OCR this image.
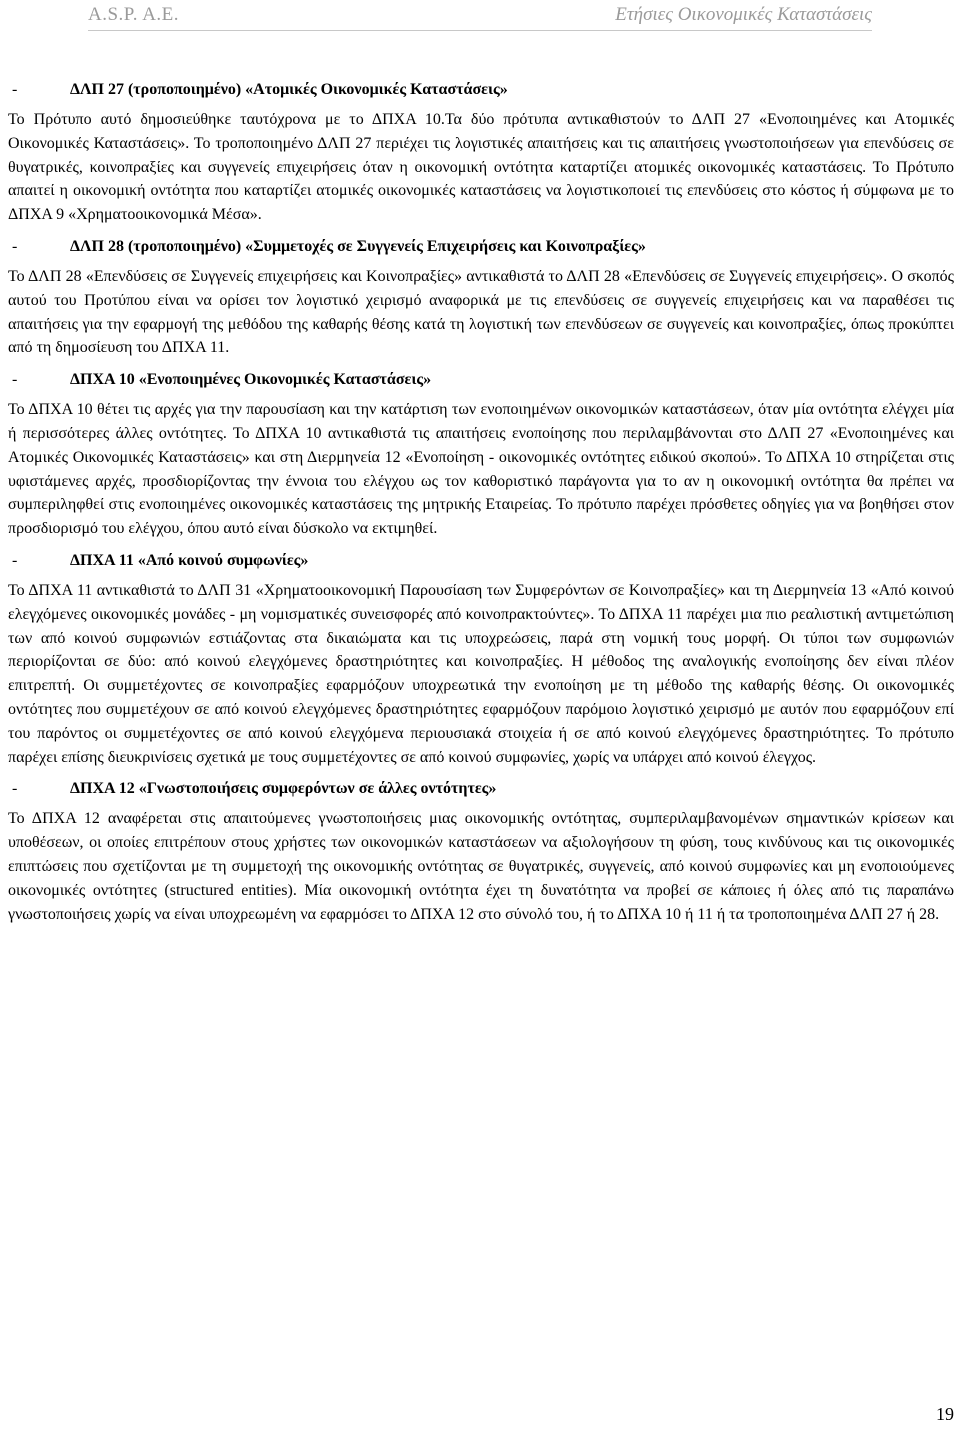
A.S.P. A.E.	Ετήσιες Οικονομικές Καταστάσεις
-	ΔΛΠ 27 (τροποποιημένο) «Ατομικές Οικονομικές Καταστάσεις»

Το Πρότυπο αυτό δημοσιεύθηκε ταυτόχρονα με το ΔΠΧΑ 10.Τα δύο πρότυπα αντικαθιστούν το ΔΛΠ 27 «Ενοποιημένες και Ατομικές Οικονομικές Καταστάσεις». Το τροποποιημένο ΔΛΠ 27 περιέχει τις λογιστικές απαιτήσεις και τις απαιτήσεις γνωστοποιήσεων για επενδύσεις σε θυγατρικές, κοινοπραξίες και συγγενείς επιχειρήσεις όταν η οικονομική οντότητα καταρτίζει ατομικές οικονομικές καταστάσεις. Το Πρότυπο απαιτεί η οικονομική οντότητα που καταρτίζει ατομικές οικονομικές καταστάσεις να λογιστικοποιεί τις επενδύσεις στο κόστος ή σύμφωνα με το ΔΠΧΑ 9 «Χρηματοοικονομικά Μέσα».

-	ΔΛΠ 28 (τροποποιημένο) «Συμμετοχές σε Συγγενείς Επιχειρήσεις και Κοινοπραξίες»

Το ΔΛΠ 28 «Επενδύσεις σε Συγγενείς επιχειρήσεις και Κοινοπραξίες» αντικαθιστά το ΔΛΠ 28 «Επενδύσεις σε Συγγενείς επιχειρήσεις». Ο σκοπός αυτού του Προτύπου είναι να ορίσει τον λογιστικό χειρισμό αναφορικά με τις επενδύσεις σε συγγενείς επιχειρήσεις και να παραθέσει τις απαιτήσεις για την εφαρμογή της μεθόδου της καθαρής θέσης κατά τη λογιστική των επενδύσεων σε συγγενείς και κοινοπραξίες, όπως προκύπτει από τη δημοσίευση του ΔΠΧΑ 11.

-	ΔΠΧΑ 10 «Ενοποιημένες Οικονομικές Καταστάσεις»

Το ΔΠΧΑ 10 θέτει τις αρχές για την παρουσίαση και την κατάρτιση των ενοποιημένων οικονομικών καταστάσεων, όταν μία οντότητα ελέγχει μία ή περισσότερες άλλες οντότητες. Το ΔΠΧΑ 10 αντικαθιστά τις απαιτήσεις ενοποίησης που περιλαμβάνονται στο ΔΛΠ 27 «Ενοποιημένες και Ατομικές Οικονομικές Καταστάσεις» και στη Διερμηνεία 12 «Ενοποίηση - οικονομικές οντότητες ειδικού σκοπού». Το ΔΠΧΑ 10 στηρίζεται στις υφιστάμενες αρχές, προσδιορίζοντας την έννοια του ελέγχου ως τον καθοριστικό παράγοντα για το αν η οικονομική οντότητα θα πρέπει να συμπεριληφθεί στις ενοποιημένες οικονομικές καταστάσεις της μητρικής Εταιρείας. Το πρότυπο παρέχει πρόσθετες οδηγίες για να βοηθήσει στον προσδιορισμό του ελέγχου, όπου αυτό είναι δύσκολο να εκτιμηθεί.

-	ΔΠΧΑ 11 «Από κοινού συμφωνίες»

Το ΔΠΧΑ 11 αντικαθιστά το ΔΛΠ 31 «Χρηματοοικονομική Παρουσίαση των Συμφερόντων σε Κοινοπραξίες» και τη Διερμηνεία 13 «Από κοινού ελεγχόμενες οικονομικές μονάδες - μη νομισματικές συνεισφορές από κοινοπρακτούντες». Το ΔΠΧΑ 11 παρέχει μια πιο ρεαλιστική αντιμετώπιση των από κοινού συμφωνιών εστιάζοντας στα δικαιώματα και τις υποχρεώσεις, παρά στη νομική τους μορφή. Οι τύποι των συμφωνιών περιορίζονται σε δύο: από κοινού ελεγχόμενες δραστηριότητες και κοινοπραξίες. Η μέθοδος της αναλογικής ενοποίησης δεν είναι πλέον επιτρεπτή. Οι συμμετέχοντες σε κοινοπραξίες εφαρμόζουν υποχρεωτικά την ενοποίηση με τη μέθοδο της καθαρής θέσης. Οι οικονομικές οντότητες που συμμετέχουν σε από κοινού ελεγχόμενες δραστηριότητες εφαρμόζουν παρόμοιο λογιστικό χειρισμό με αυτόν που εφαρμόζουν επί του παρόντος οι συμμετέχοντες σε από κοινού ελεγχόμενα περιουσιακά στοιχεία ή σε από κοινού ελεγχόμενες δραστηριότητες. Το πρότυπο παρέχει επίσης διευκρινίσεις σχετικά με τους συμμετέχοντες σε από κοινού συμφωνίες, χωρίς να υπάρχει από κοινού έλεγχος.

-	ΔΠΧΑ 12 «Γνωστοποιήσεις συμφερόντων σε άλλες οντότητες»

Το ΔΠΧΑ 12 αναφέρεται στις απαιτούμενες γνωστοποιήσεις μιας οικονομικής οντότητας, συμπεριλαμβανομένων σημαντικών κρίσεων και υποθέσεων, οι οποίες επιτρέπουν στους χρήστες των οικονομικών καταστάσεων να αξιολογήσουν τη φύση, τους κινδύνους και τις οικονομικές επιπτώσεις που σχετίζονται με τη συμμετοχή της οικονομικής οντότητας σε θυγατρικές, συγγενείς, από κοινού συμφωνίες και μη ενοποιούμενες οικονομικές οντότητες (structured entities). Μία οικονομική οντότητα έχει τη δυνατότητα να προβεί σε κάποιες ή όλες από τις παραπάνω γνωστοποιήσεις χωρίς να είναι υποχρεωμένη να εφαρμόσει το ΔΠΧΑ 12 στο σύνολό του, ή το ΔΠΧΑ 10 ή 11 ή τα τροποποιημένα ΔΛΠ 27 ή 28.

19
